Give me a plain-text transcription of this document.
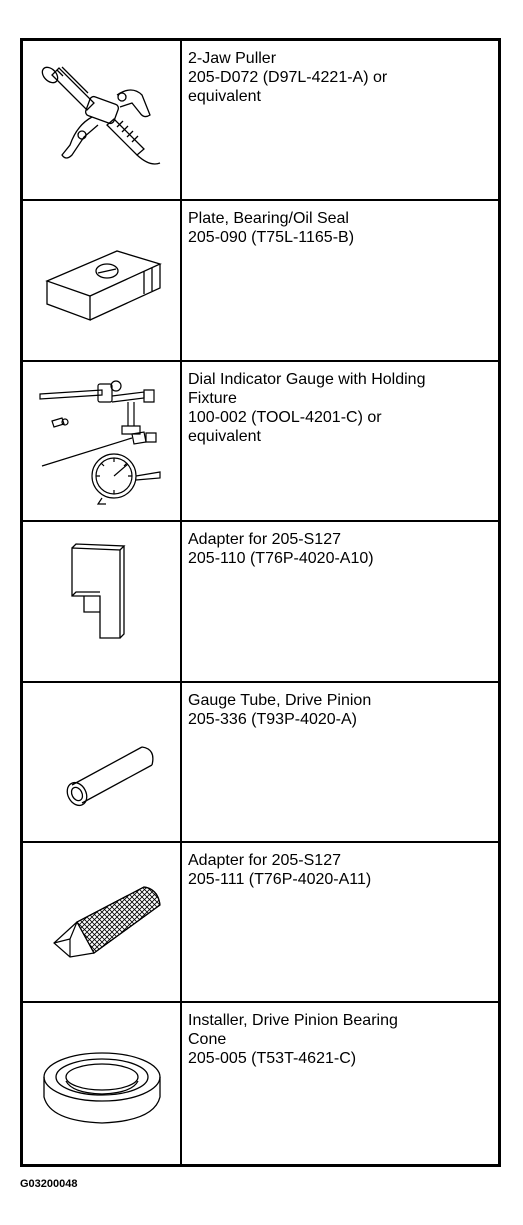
2-Jaw Puller
205-D072 (D97L-4221-A) or
equivalent
Plate, Bearing/Oil Seal
205-090 (T75L-1165-B)
Dial Indicator Gauge with Holding
Fixture
100-002 (TOOL-4201-C) or
equivalent
Adapter for 205-S127
205-110 (T76P-4020-A10)
Gauge Tube, Drive Pinion
205-336 (T93P-4020-A)
Adapter for 205-S127
205-111 (T76P-4020-A11)
Installer, Drive Pinion Bearing
Cone
205-005 (T53T-4621-C)
G03200048
